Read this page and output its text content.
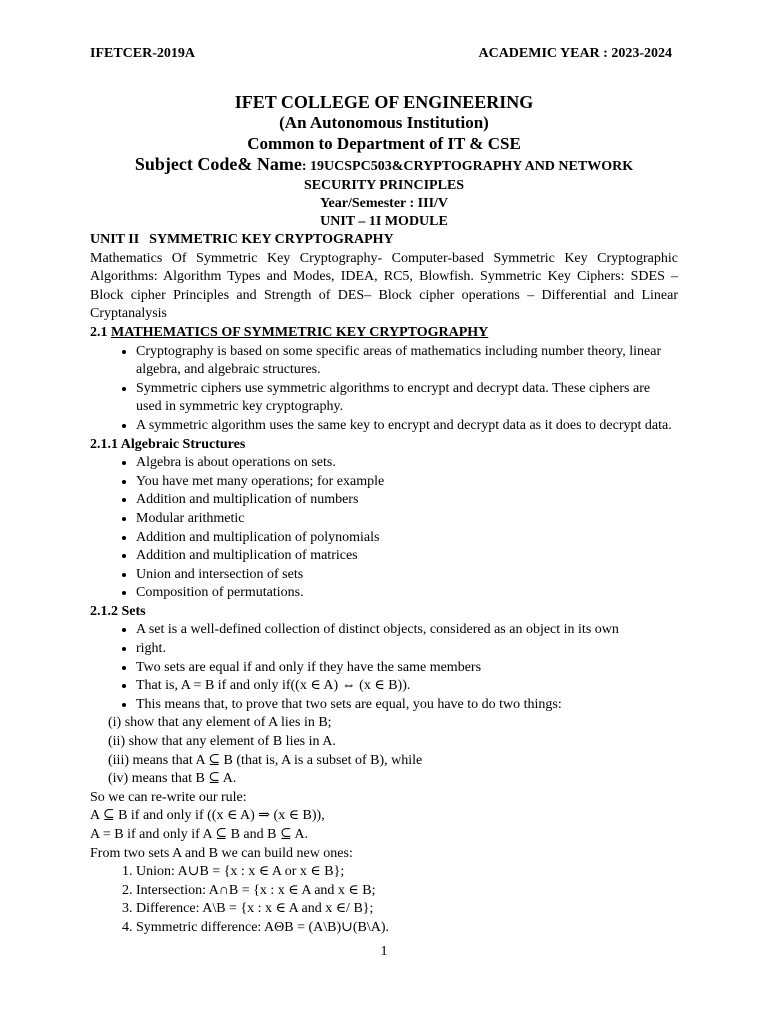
IFETCER-2019A	ACADEMIC YEAR : 2023-2024
IFET COLLEGE OF ENGINEERING
(An Autonomous Institution)
Common to Department of IT & CSE
Subject Code& Name: 19UCSPC503&CRYPTOGRAPHY AND NETWORK
SECURITY PRINCIPLES
Year/Semester : III/V
UNIT – 1I MODULE
UNIT II SYMMETRIC KEY CRYPTOGRAPHY
Mathematics Of Symmetric Key Cryptography- Computer-based Symmetric Key Cryptographic Algorithms: Algorithm Types and Modes, IDEA, RC5, Blowfish. Symmetric Key Ciphers: SDES – Block cipher Principles and Strength of DES– Block cipher operations – Differential and Linear Cryptanalysis
2.1 MATHEMATICS OF SYMMETRIC KEY CRYPTOGRAPHY
• Cryptography is based on some specific areas of mathematics including number theory, linear algebra, and algebraic structures.
• Symmetric ciphers use symmetric algorithms to encrypt and decrypt data. These ciphers are used in symmetric key cryptography.
• A symmetric algorithm uses the same key to encrypt and decrypt data as it does to decrypt data.
2.1.1 Algebraic Structures
• Algebra is about operations on sets.
• You have met many operations; for example
• Addition and multiplication of numbers
• Modular arithmetic
• Addition and multiplication of polynomials
• Addition and multiplication of matrices
• Union and intersection of sets
• Composition of permutations.
2.1.2 Sets
• A set is a well-defined collection of distinct objects, considered as an object in its own
• right.
• Two sets are equal if and only if they have the same members
• That is, A = B if and only if((x ∈ A) ⇔ (x ∈ B)).
• This means that, to prove that two sets are equal, you have to do two things:
(i) show that any element of A lies in B;
(ii) show that any element of B lies in A.
(iii) means that A ⊆ B (that is, A is a subset of B), while
(iv) means that B ⊆ A.
So we can re-write our rule:
A ⊆ B if and only if ((x ∈ A) ⇒ (x ∈ B)),
A = B if and only if A ⊆ B and B ⊆ A.
From two sets A and B we can build new ones:
1. Union: A∪B = {x : x ∈ A or x ∈ B};
2. Intersection: A∩B = {x : x ∈ A and x ∈ B;
3. Difference: A\B = {x : x ∈ A and x ∈/ B};
4. Symmetric difference: AΘB = (A\B)∪(B\A).
1
